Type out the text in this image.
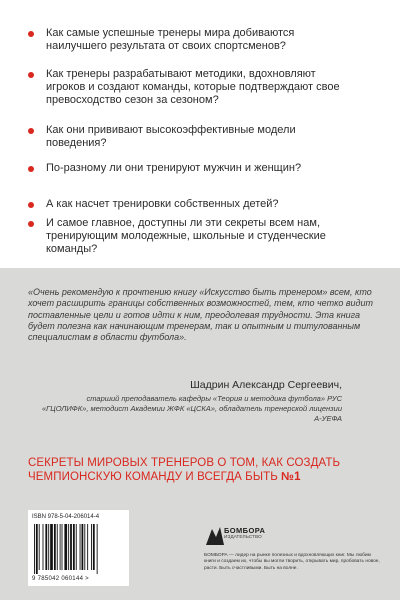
Как самые успешные тренеры мира добиваются наилучшего результата от своих спортсменов?
Как тренеры разрабатывают методики, вдохновляют игроков и создают команды, которые подтверждают свое превосходство сезон за сезоном?
Как они прививают высокоэффективные модели поведения?
По-разному ли они тренируют мужчин и женщин?
А как насчет тренировки собственных детей?
И самое главное, доступны ли эти секреты всем нам, тренирующим молодежные, школьные и студенческие команды?
«Очень рекомендую к прочтению книгу «Искусство быть тренером» всем, кто хочет расширить границы собственных возможностей, тем, кто четко видит поставленные цели и готов идти к ним, преодолевая трудности. Эта книга будет полезна как начинающим тренерам, так и опытным и титулованным специалистам в области футбола».
Шадрин Александр Сергеевич,
старший преподаватель кафедры «Теория и методика футбола» РУС «ГЦОЛИФК», методист Академии ЖФК «ЦСКА», обладатель тренерской лицензии А-УЕФА
СЕКРЕТЫ МИРОВЫХ ТРЕНЕРОВ О ТОМ, КАК СОЗДАТЬ ЧЕМПИОНСКУЮ КОМАНДУ И ВСЕГДА БЫТЬ №1
ISBN 978-5-04-206014-4
9 785042 060144 >
БОМБОРА
ИЗДАТЕЛЬСТВО
БОМБОРА — лидер на рынке полезных и вдохновляющих книг. Мы любим книги и создаем их, чтобы вы могли творить, открывать мир, пробовать новое, расти. Быть счастливыми. Быть на волне.
